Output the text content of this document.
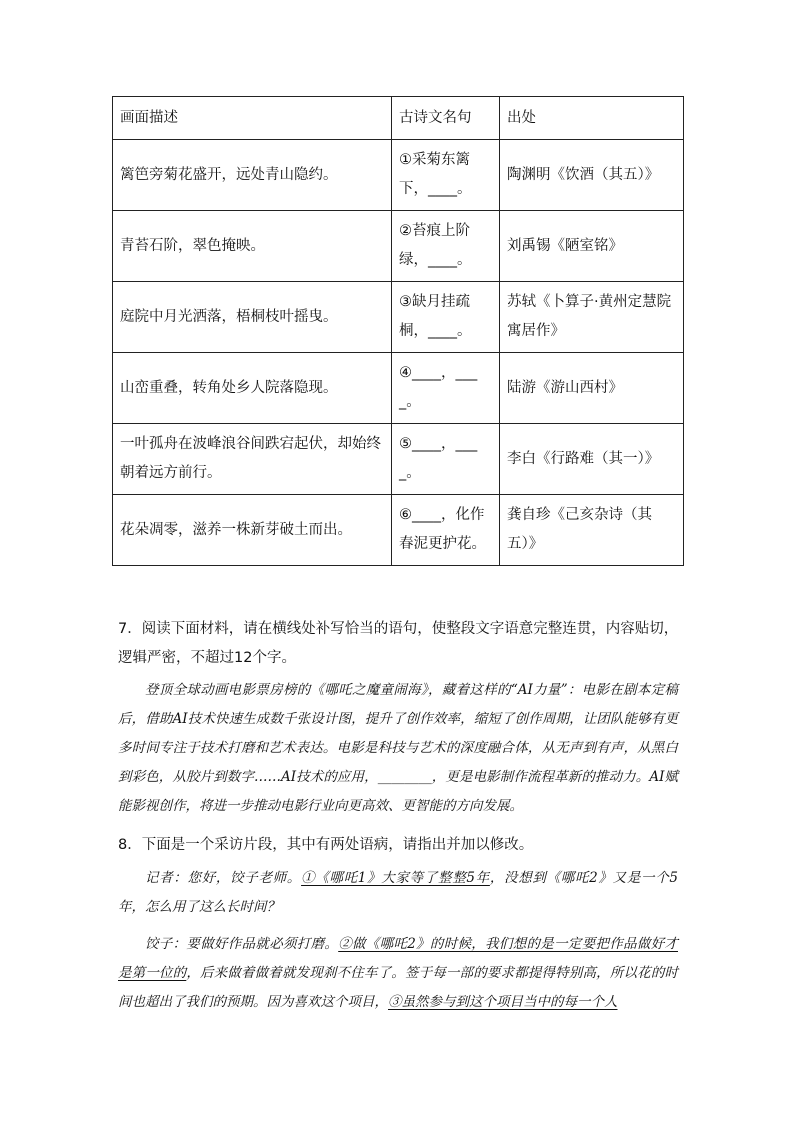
画面描述	古诗文名句	出处
篱笆旁菊花盛开，远处青山隐约。	①采菊东篱下，____。	陶渊明《饮酒（其五）》
青苔石阶，翠色掩映。	②苔痕上阶绿，____。	刘禹锡《陋室铭》
庭院中月光洒落，梧桐枝叶摇曳。	③缺月挂疏桐，____。	苏轼《卜算子·黄州定慧院寓居作》
山峦重叠，转角处乡人院落隐现。	④____，____。	陆游《游山西村》
一叶孤舟在波峰浪谷间跌宕起伏，却始终朝着远方前行。	⑤____，____。	李白《行路难（其一）》
花朵凋零，滋养一株新芽破土而出。	⑥____，化作春泥更护花。	龚自珍《己亥杂诗（其五）》
7．阅读下面材料，请在横线处补写恰当的语句，使整段文字语意完整连贯，内容贴切，逻辑严密，不超过12个字。

登顶全球动画电影票房榜的《哪吒之魔童闹海》，藏着这样的“AI力量”：电影在剧本定稿后，借助AI技术快速生成数千张设计图，提升了创作效率，缩短了创作周期，让团队能够有更多时间专注于技术打磨和艺术表达。电影是科技与艺术的深度融合体，从无声到有声，从黑白到彩色，从胶片到数字……AI技术的应用，________，更是电影制作流程革新的推动力。AI赋能影视创作，将进一步推动电影行业向更高效、更智能的方向发展。

8．下面是一个采访片段，其中有两处语病，请指出并加以修改。

记者：您好，饺子老师。①《哪吒1》大家等了整整5年，没想到《哪吒2》又是一个5年，怎么用了这么长时间？

饺子：要做好作品就必须打磨。②做《哪吒2》的时候，我们想的是一定要把作品做好才是第一位的，后来做着做着就发现刹不住车了。签于每一部的要求都提得特别高，所以花的时间也超出了我们的预期。因为喜欢这个项目，③虽然参与到这个项目当中的每一个人
